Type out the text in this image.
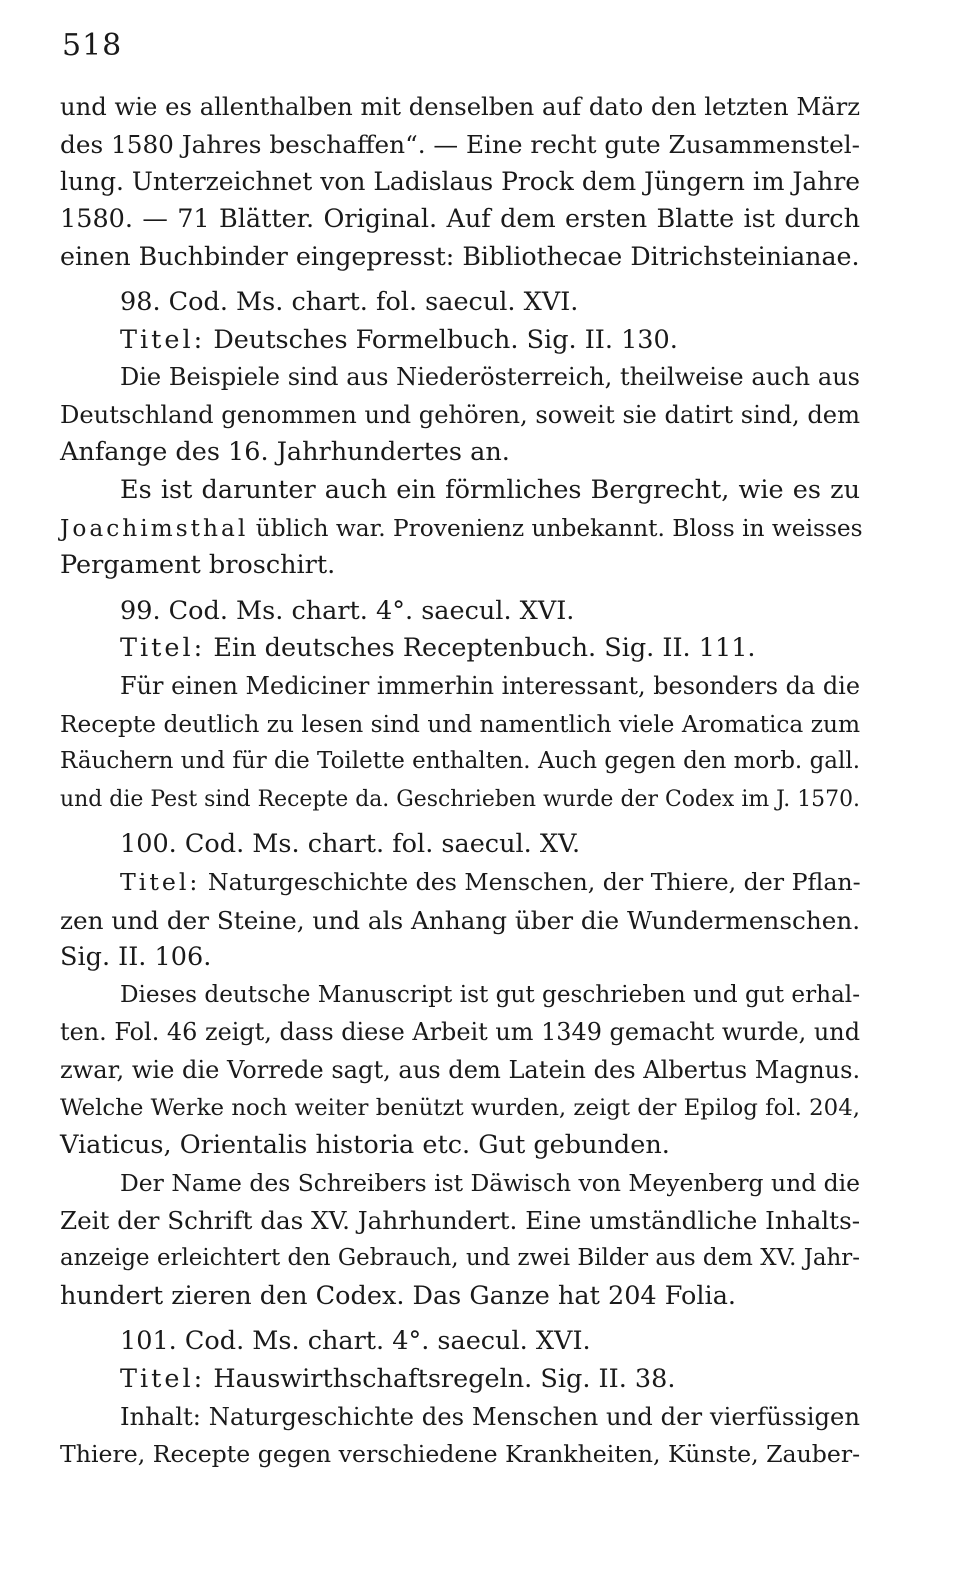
518
und wie es allenthalben mit denselben auf dato den letzten März
des 1580 Jahres beschaffen“. — Eine recht gute Zusammenstel-
lung. Unterzeichnet von Ladislaus Prock dem Jüngern im Jahre
1580. — 71 Blätter. Original. Auf dem ersten Blatte ist durch
einen Buchbinder eingepresst: Bibliothecae Ditrichsteinianae.
98. Cod. Ms. chart. fol. saecul. XVI.
Titel: Deutsches Formelbuch. Sig. II. 130.
Die Beispiele sind aus Niederösterreich, theilweise auch aus
Deutschland genommen und gehören, soweit sie datirt sind, dem
Anfange des 16. Jahrhundertes an.
Es ist darunter auch ein förmliches Bergrecht, wie es zu
Joachimsthal üblich war. Provenienz unbekannt. Bloss in weisses
Pergament broschirt.
99. Cod. Ms. chart. 4°. saecul. XVI.
Titel: Ein deutsches Receptenbuch. Sig. II. 111.
Für einen Mediciner immerhin interessant, besonders da die
Recepte deutlich zu lesen sind und namentlich viele Aromatica zum
Räuchern und für die Toilette enthalten. Auch gegen den morb. gall.
und die Pest sind Recepte da. Geschrieben wurde der Codex im J. 1570.
100. Cod. Ms. chart. fol. saecul. XV.
Titel: Naturgeschichte des Menschen, der Thiere, der Pflan-
zen und der Steine, und als Anhang über die Wundermenschen.
Sig. II. 106.
Dieses deutsche Manuscript ist gut geschrieben und gut erhal-
ten. Fol. 46 zeigt, dass diese Arbeit um 1349 gemacht wurde, und
zwar, wie die Vorrede sagt, aus dem Latein des Albertus Magnus.
Welche Werke noch weiter benützt wurden, zeigt der Epilog fol. 204,
Viaticus, Orientalis historia etc. Gut gebunden.
Der Name des Schreibers ist Däwisch von Meyenberg und die
Zeit der Schrift das XV. Jahrhundert. Eine umständliche Inhalts-
anzeige erleichtert den Gebrauch, und zwei Bilder aus dem XV. Jahr-
hundert zieren den Codex. Das Ganze hat 204 Folia.
101. Cod. Ms. chart. 4°. saecul. XVI.
Titel: Hauswirthschaftsregeln. Sig. II. 38.
Inhalt: Naturgeschichte des Menschen und der vierfüssigen
Thiere, Recepte gegen verschiedene Krankheiten, Künste, Zauber-
